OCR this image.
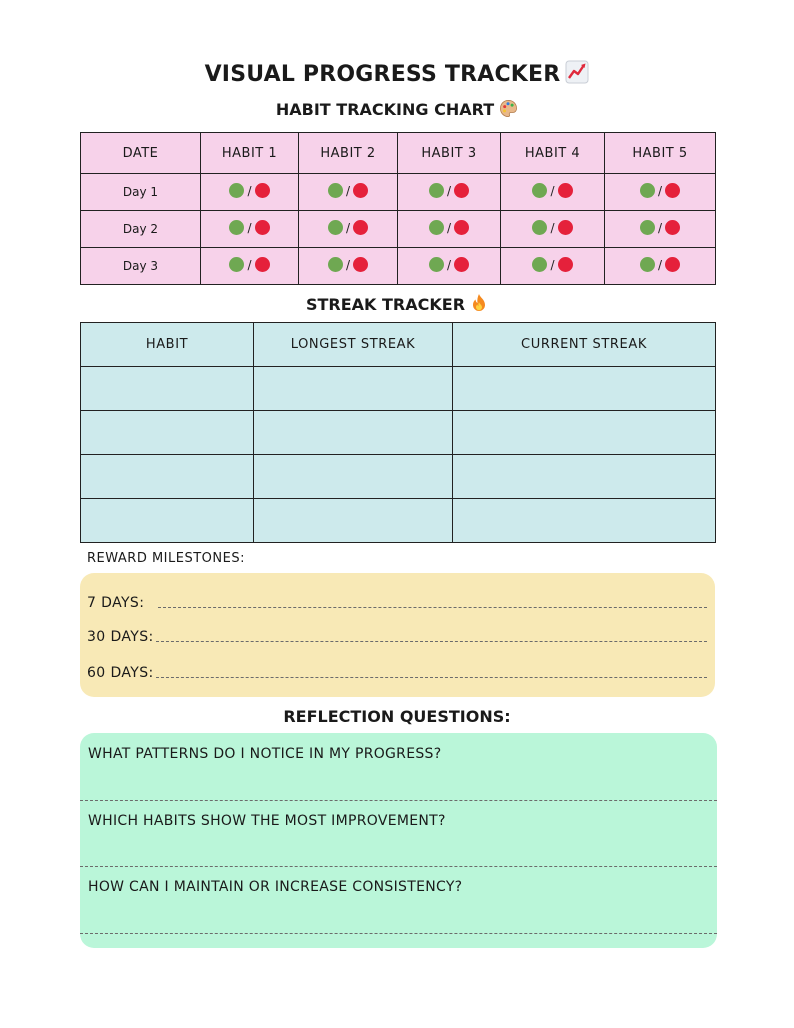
VISUAL PROGRESS TRACKER
HABIT TRACKING CHART
DATE	HABIT 1	HABIT 2	HABIT 3	HABIT 4	HABIT 5
Day 1	/	/	/	/	/

Day 2	/	/	/	/	/

Day 3	/	/	/	/	/
STREAK TRACKER
HABIT	LONGEST STREAK	CURRENT STREAK

REWARD MILESTONES:
7 DAYS:
30 DAYS:
60 DAYS:
REFLECTION QUESTIONS:
WHAT PATTERNS DO I NOTICE IN MY PROGRESS?
WHICH HABITS SHOW THE MOST IMPROVEMENT?
HOW CAN I MAINTAIN OR INCREASE CONSISTENCY?
